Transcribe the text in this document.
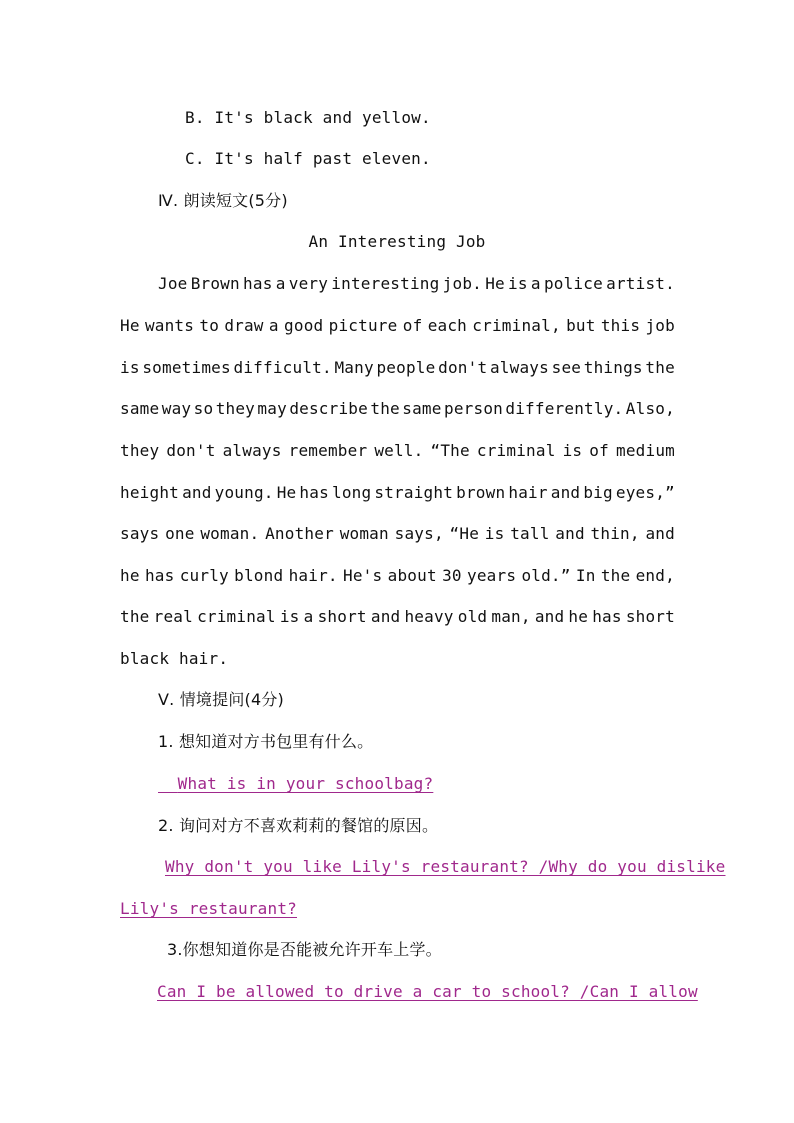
B. It's black and yellow.
C. It's half past eleven.
Ⅳ. 朗读短文(5分)
An Interesting Job
Joe Brown has a very interesting job. He is a police artist.
He wants to draw a good picture of each criminal, but this job
is sometimes difficult. Many people don't always see things the
same way so they may describe the same person differently. Also,
they don't always remember well. “The criminal is of medium
height and young. He has long straight brown hair and big eyes,”
says one woman. Another woman says, “He is tall and thin, and
he has curly blond hair. He's about 30 years old.” In the end,
the real criminal is a short and heavy old man, and he has short
black hair.
Ⅴ. 情境提问(4分)
1. 想知道对方书包里有什么。
What is in your schoolbag?
2. 询问对方不喜欢莉莉的餐馆的原因。
Why don't you like Lily's restaurant? /Why do you dislike
Lily's restaurant?
3.你想知道你是否能被允许开车上学。
Can I be allowed to drive a car to school? /Can I allow
